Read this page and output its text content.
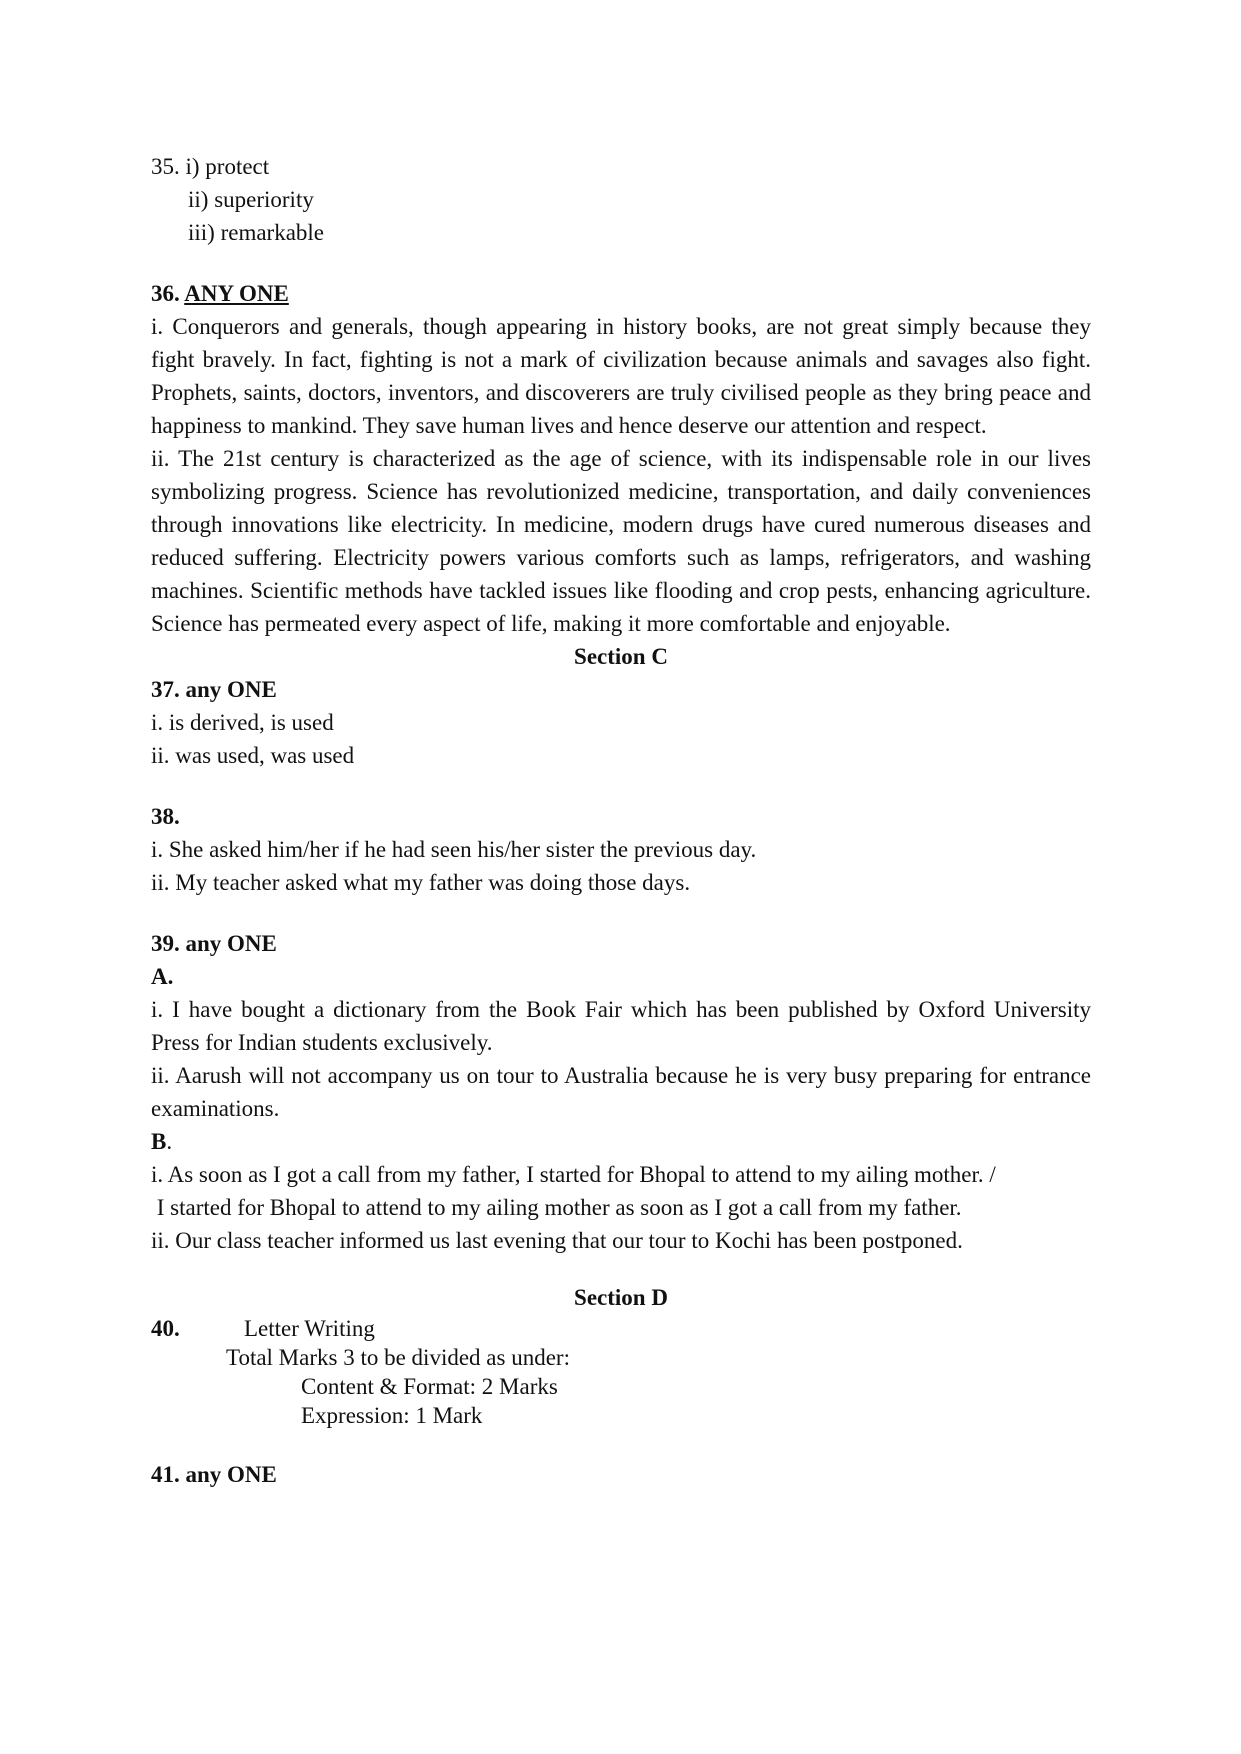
35. i) protect
ii) superiority
iii) remarkable
36. ANY ONE
i. Conquerors and generals, though appearing in history books, are not great simply because they fight bravely. In fact, fighting is not a mark of civilization because animals and savages also fight. Prophets, saints, doctors, inventors, and discoverers are truly civilised people as they bring peace and happiness to mankind. They save human lives and hence deserve our attention and respect.
ii. The 21st century is characterized as the age of science, with its indispensable role in our lives symbolizing progress. Science has revolutionized medicine, transportation, and daily conveniences through innovations like electricity. In medicine, modern drugs have cured numerous diseases and reduced suffering. Electricity powers various comforts such as lamps, refrigerators, and washing machines. Scientific methods have tackled issues like flooding and crop pests, enhancing agriculture. Science has permeated every aspect of life, making it more comfortable and enjoyable.
Section C
37. any ONE
i. is derived, is used
ii. was used, was used
38.
i. She asked him/her if he had seen his/her sister the previous day.
ii. My teacher asked what my father was doing those days.
39. any ONE
A.
i. I have bought a dictionary from the Book Fair which has been published by Oxford University Press for Indian students exclusively.
ii. Aarush will not accompany us on tour to Australia because he is very busy preparing for entrance examinations.
B.
i. As soon as I got a call from my father, I started for Bhopal to attend to my ailing mother. /
I started for Bhopal to attend to my ailing mother as soon as I got a call from my father.
ii. Our class teacher informed us last evening that our tour to Kochi has been postponed.
Section D
40.	Letter Writing
Total Marks 3 to be divided as under:
Content & Format: 2 Marks
Expression: 1 Mark
41. any ONE
